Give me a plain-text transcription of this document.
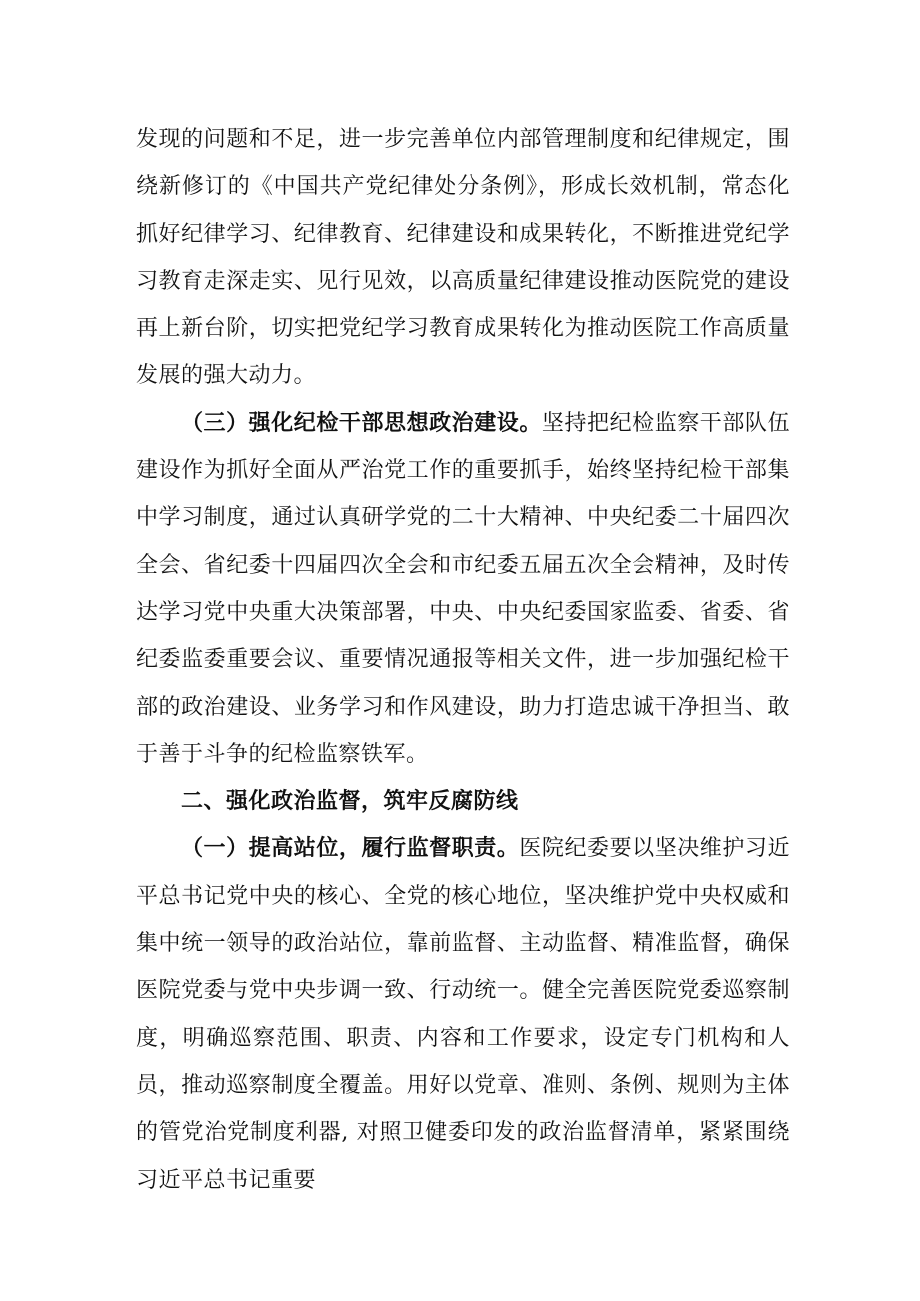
发现的问题和不足，进一步完善单位内部管理制度和纪律规定，围绕新修订的《中国共产党纪律处分条例》，形成长效机制，常态化抓好纪律学习、纪律教育、纪律建设和成果转化，不断推进党纪学习教育走深走实、见行见效，以高质量纪律建设推动医院党的建设再上新台阶，切实把党纪学习教育成果转化为推动医院工作高质量发展的强大动力。

（三）强化纪检干部思想政治建设。坚持把纪检监察干部队伍建设作为抓好全面从严治党工作的重要抓手，始终坚持纪检干部集中学习制度，通过认真研学党的二十大精神、中央纪委二十届四次全会、省纪委十四届四次全会和市纪委五届五次全会精神，及时传达学习党中央重大决策部署，中央、中央纪委国家监委、省委、省纪委监委重要会议、重要情况通报等相关文件，进一步加强纪检干部的政治建设、业务学习和作风建设，助力打造忠诚干净担当、敢于善于斗争的纪检监察铁军。

二、强化政治监督，筑牢反腐防线

（一）提高站位，履行监督职责。医院纪委要以坚决维护习近平总书记党中央的核心、全党的核心地位，坚决维护党中央权威和集中统一领导的政治站位，靠前监督、主动监督、精准监督，确保医院党委与党中央步调一致、行动统一。健全完善医院党委巡察制度，明确巡察范围、职责、内容和工作要求，设定专门机构和人员，推动巡察制度全覆盖。用好以党章、准则、条例、规则为主体的管党治党制度利器, 对照卫健委印发的政治监督清单，紧紧围绕习近平总书记重要
